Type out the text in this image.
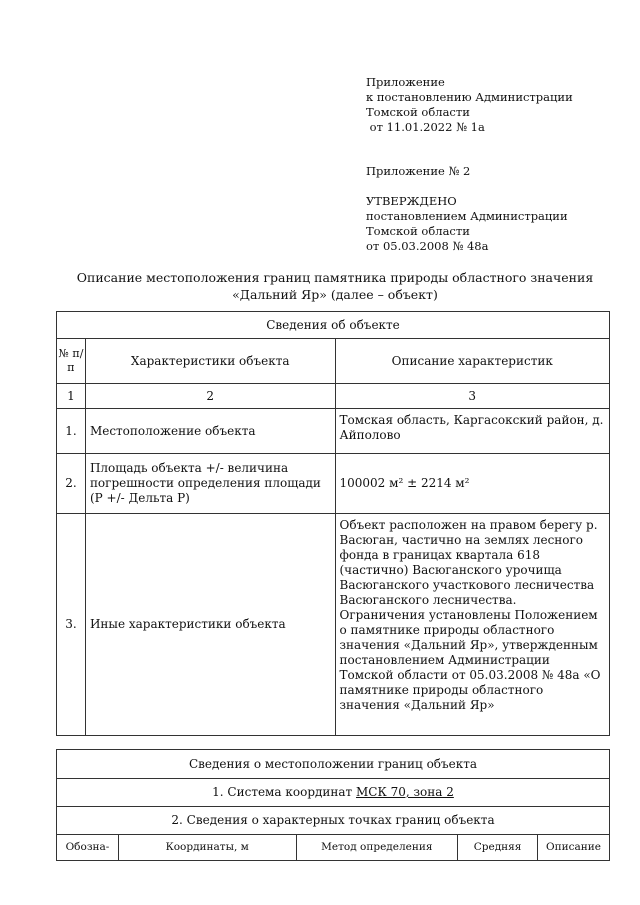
Приложение
к постановлению Администрации
Томской области
от 11.01.2022 № 1а
Приложение № 2
УТВЕРЖДЕНО
постановлением Администрации
Томской области
от 05.03.2008 № 48а
Описание местоположения границ памятника природы областного значения
«Дальний Яр» (далее – объект)
Сведения об объекте		
№ п/п	Характеристики объекта	Описание характеристик
1	2	3
1.	Местоположение объекта	Томская область, Каргасокский район, д. Айполово
2.	Площадь объекта +/- величина погрешности определения площади (Р +/- Дельта Р)	100002 м² ± 2214 м²
3.	Иные характеристики объекта	Объект расположен на правом берегу р. Васюган, частично на землях лесного фонда в границах квартала 618 (частично) Васюганского урочища Васюганского участкового лесничества Васюганского лесничества.
Ограничения установлены Положением о памятнике природы областного значения «Дальний Яр», утвержденным постановлением Администрации Томской области от 05.03.2008 № 48а «О памятнике природы областного значения «Дальний Яр»
Сведения о местоположении границ объекта
1. Система координат МСК 70, зона 2
2. Сведения о характерных точках границ объекта
Обозна-	Координаты, м	Метод определения	Средняя	Описание
